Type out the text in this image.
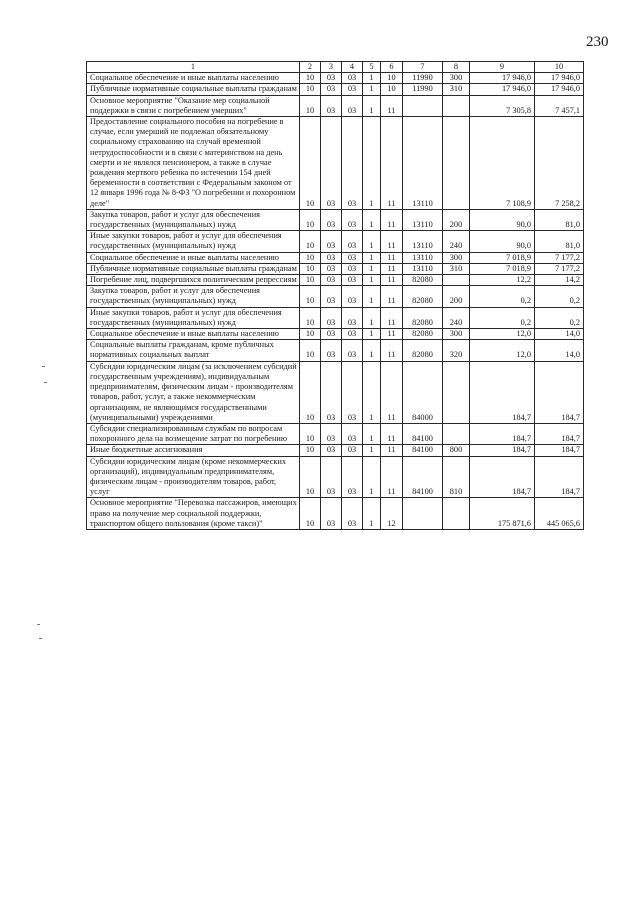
230
1	2	3	4	5	6	7	8	9	10
Социальное обеспечение и иные выплаты населению	10	03	03	1	10	11990	300	17 946,0	17 946,0
Публичные нормативные социальные выплаты гражданам	10	03	03	1	10	11990	310	17 946,0	17 946,0
Основное мероприятие "Оказание мер социальной поддержки в связи с погребением умерших"	10	03	03	1	11			7 305,8	7 457,1
Предоставление социального пособия на погребение в случае, если умерший не подлежал обязательному социальному страхованию на случай временной нетрудоспособности и в связи с материнством на день смерти и не являлся пенсионером, а также в случае рождения мертвого ребенка по истечении 154 дней беременности в соответствии с Федеральным законом от 12 января 1996 года № 8-ФЗ "О погребении и похоронном деле"	10	03	03	1	11	13110		7 108,9	7 258,2
Закупка товаров, работ и услуг для обеспечения государственных (муниципальных) нужд	10	03	03	1	11	13110	200	90,0	81,0
Иные закупки товаров, работ и услуг для обеспечения государственных (муниципальных) нужд	10	03	03	1	11	13110	240	90,0	81,0
Социальное обеспечение и иные выплаты населению	10	03	03	1	11	13110	300	7 018,9	7 177,2
Публичные нормативные социальные выплаты гражданам	10	03	03	1	11	13110	310	7 018,9	7 177,2
Погребение лиц, подвергшихся политическим репрессиям	10	03	03	1	11	82080		12,2	14,2
Закупка товаров, работ и услуг для обеспечения государственных (муниципальных) нужд	10	03	03	1	11	82080	200	0,2	0,2
Иные закупки товаров, работ и услуг для обеспечения государственных (муниципальных) нужд	10	03	03	1	11	82080	240	0,2	0,2
Социальное обеспечение и иные выплаты населению	10	03	03	1	11	82080	300	12,0	14,0
Социальные выплаты гражданам, кроме публичных нормативных социальных выплат	10	03	03	1	11	82080	320	12,0	14,0
Субсидии юридическим лицам (за исключением субсидий государственным учреждениям), индивидуальным предпринимателям, физическим лицам - производителям товаров, работ, услуг, а также некоммерческим организациям, не являющимся государственными (муниципальными) учреждениями	10	03	03	1	11	84000		184,7	184,7
Субсидии специализированным службам по вопросам похоронного дела на возмещение затрат по погребению	10	03	03	1	11	84100		184,7	184,7
Иные бюджетные ассигнования	10	03	03	1	11	84100	800	184,7	184,7
Субсидии юридическим лицам (кроме некоммерческих организаций), индивидуальным предпринимателям, физическим лицам - производителям товаров, работ, услуг	10	03	03	1	11	84100	810	184,7	184,7
Основное мероприятие "Перевозка пассажиров, имеющих право на получение мер социальной поддержки, транспортом общего пользования (кроме такси)"	10	03	03	1	12			175 871,6	445 065,6
